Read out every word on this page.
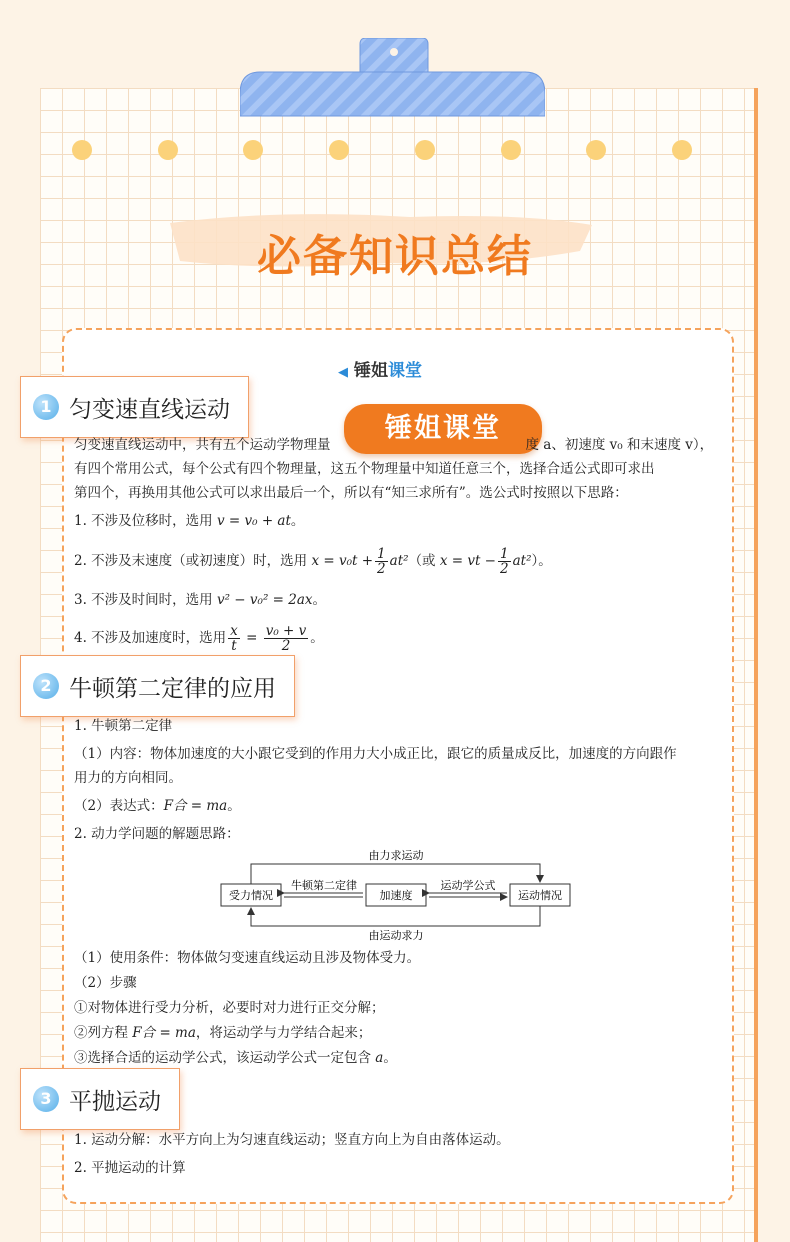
必备知识总结
◀ 锤姐课堂
1 匀变速直线运动
锤姐课堂

匀变速直线运动中，共有五个运动学物理量	度 a、初速度 v₀ 和末速度 v），

有四个常用公式，每个公式有四个物理量，这五个物理量中知道任意三个，选择合适公式即可求出

第四个，再换用其他公式可以求出最后一个，所以有“知三求所有”。选公式时按照以下思路：

1. 不涉及位移时，选用 v = v₀ + at。

2. 不涉及末速度（或初速度）时，选用 $x = v_0t + \frac{1}{2} at^2$（或 x = vt − $\frac{1}{2} at^2$）。

3. 不涉及时间时，选用 v² − v₀² = 2ax。

4. 不涉及加速度时，选用 $\frac{x}{t} = \frac{\text{v₀ + v}}{2}$ 。

2 牛顿第二定律的应用

1. 牛顿第二定律

（1）内容：物体加速度的大小跟它受到的作用力大小成正比，跟它的质量成反比，加速度的方向跟作

用力的方向相同。

（2）表达式：F合 = ma。

2. 动力学问题的解题思路：

受力情况	加速度	运动情况
牛顿第二定律	运动学公式
由力求运动
由运动求力

（1）使用条件：物体做匀变速直线运动且涉及物体受力。

（2）步骤

①对物体进行受力分析，必要时对力进行正交分解；

②列方程 F合 = ma，将运动学与力学结合起来；

③选择合适的运动学公式，该运动学公式一定包含 a。

3 平抛运动

1. 运动分解：水平方向上为匀速直线运动；竖直方向上为自由落体运动。

2. 平抛运动的计算
